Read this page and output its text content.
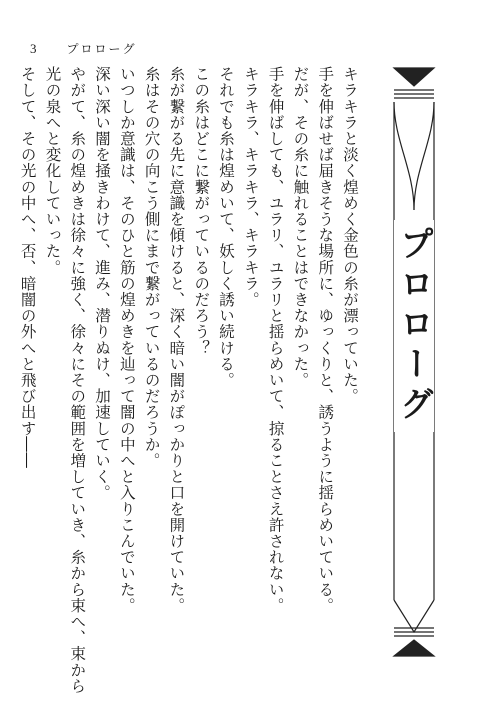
3	プロローグ
プロローグ

キラキラと淡く煌めく金色の糸が漂っていた。

手を伸ばせば届きそうな場所に、ゆっくりと、誘うように揺らめいている。

だが、その糸に触れることはできなかった。

手を伸ばしても、ユラリ、ユラリと揺らめいて、掠ることさえ許されない。

キラキラ、キラキラ、キラキラ。

それでも糸は煌めいて、妖しく誘い続ける。

この糸はどこに繋がっているのだろう？

糸が繋がる先に意識を傾けると、深く暗い闇がぽっかりと口を開けていた。

糸はその穴の向こう側にまで繋がっているのだろうか。

いつしか意識は、そのひと筋の煌めきを辿って闇の中へと入りこんでいた。

深い深い闇を掻きわけて、進み、潜りぬけ、加速していく。

やがて、糸の煌めきは徐々に強く、徐々にその範囲を増していき、糸から束へ、束から

光の泉へと変化していった。

そして、その光の中へ、否、暗闇の外へと飛び出す――
